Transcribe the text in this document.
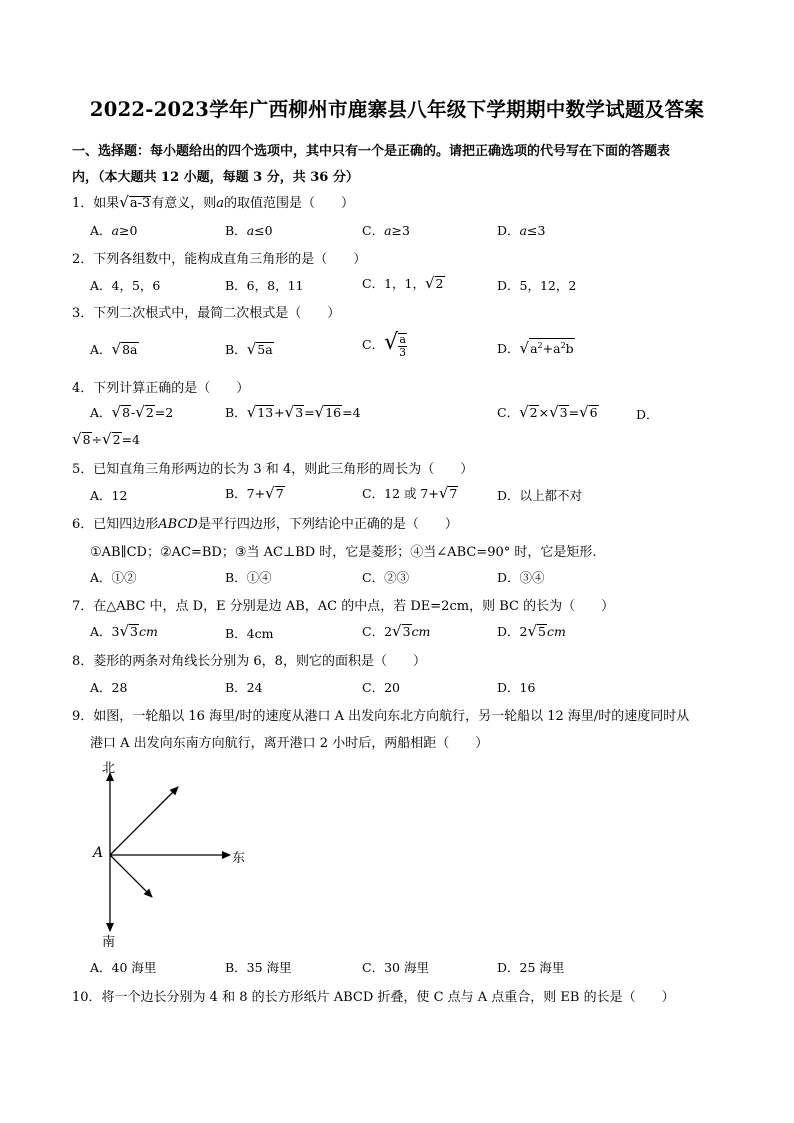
2022-2023学年广西柳州市鹿寨县八年级下学期期中数学试题及答案
一、选择题：每小题给出的四个选项中，其中只有一个是正确的。请把正确选项的代号写在下面的答题表
内，（本大题共 12 小题，每题 3 分，共 36 分）
1．如果√a-3有意义，则a的取值范围是（　　）
A．a≥0	B．a≤0	C．a≥3	D．a≤3
2．下列各组数中，能构成直角三角形的是（　　）
A．4，5，6	B．6，8，11	C．1，1，√2	D．5，12，2
3．下列二次根式中，最简二次根式是（　　）
A．√8a	B．√5a	C．√ $\frac{a}{3}$	D．$√a^2+a^2b$
4．下列计算正确的是（　　）
A．√8-√2=2	B．√13+√3=√16=4	C．√2×√3=√6	D．
√8÷√2=4
5．已知直角三角形两边的长为 3 和 4，则此三角形的周长为（　　）
A．12	B．7+√7	C．12 或 7+√7	D．以上都不对
6．已知四边形ABCD是平行四边形，下列结论中正确的是（　　）
①AB∥CD；②AC=BD；③当 AC⊥BD 时，它是菱形；④当∠ABC=90° 时，它是矩形.
A．①②	B．①④	C．②③	D．③④
7．在△ABC 中，点 D，E 分别是边 AB，AC 的中点，若 DE=2cm，则 BC 的长为（　　）
A．3√3cm	B．4cm	C．2√3cm	D．2√5cm
8．菱形的两条对角线长分别为 6，8，则它的面积是（　　）
A．28	B．24	C．20	D．16
9．如图，一轮船以 16 海里/时的速度从港口 A 出发向东北方向航行，另一轮船以 12 海里/时的速度同时从
港口 A 出发向东南方向航行，离开港口 2 小时后，两船相距（　　）
北
南
东
A
A．40 海里	B．35 海里	C．30 海里	D．25 海里
10．将一个边长分别为 4 和 8 的长方形纸片 ABCD 折叠，使 C 点与 A 点重合，则 EB 的长是（　　）
